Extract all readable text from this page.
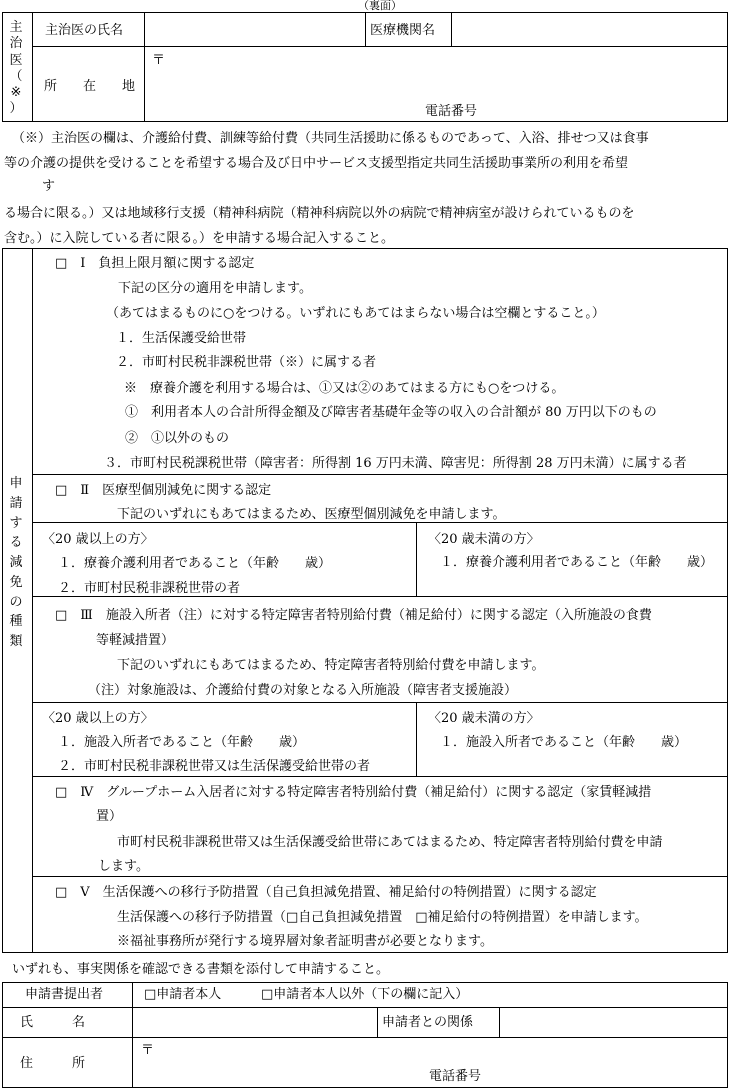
（裏面）
主
治
医
（
※
）
主治医の氏名	医療機関名
所　　在　　地
〒
電話番号
（※）主治医の欄は、介護給付費、訓練等給付費（共同生活援助に係るものであって、入浴、排せつ又は食事
等の介護の提供を受けることを希望する場合及び日中サービス支援型指定共同生活援助事業所の利用を希望
す
る場合に限る。）又は地域移行支援（精神科病院（精神科病院以外の病院で精神病室が設けられているものを
含む。）に入院している者に限る。）を申請する場合記入すること。
申
請
す
る
減
免
の
種
類
□　Ⅰ　負担上限月額に関する認定
下記の区分の適用を申請します。
（あてはまるものに○をつける。いずれにもあてはまらない場合は空欄とすること。）
１．生活保護受給世帯
２．市町村民税非課税世帯（※）に属する者
※　療養介護を利用する場合は、①又は②のあてはまる方にも○をつける。
①　利用者本人の合計所得金額及び障害者基礎年金等の収入の合計額が 80 万円以下のもの
②　①以外のもの
３．市町村民税課税世帯（障害者：所得割 16 万円未満、障害児：所得割 28 万円未満）に属する者
□　Ⅱ　医療型個別減免に関する認定
下記のいずれにもあてはまるため、医療型個別減免を申請します。
〈20 歳以上の方〉
１．療養介護利用者であること（年齢　　歳）
２．市町村民税非課税世帯の者
〈20 歳未満の方〉
１．療養介護利用者であること（年齢　　歳）
□　Ⅲ　施設入所者（注）に対する特定障害者特別給付費（補足給付）に関する認定（入所施設の食費
等軽減措置）
下記のいずれにもあてはまるため、特定障害者特別給付費を申請します。
（注）対象施設は、介護給付費の対象となる入所施設（障害者支援施設）
〈20 歳以上の方〉
１．施設入所者であること（年齢　　歳）
２．市町村民税非課税世帯又は生活保護受給世帯の者
〈20 歳未満の方〉
１．施設入所者であること（年齢　　歳）
□　Ⅳ　グループホーム入居者に対する特定障害者特別給付費（補足給付）に関する認定（家賃軽減措
置）
市町村民税非課税世帯又は生活保護受給世帯にあてはまるため、特定障害者特別給付費を申請
します。
□　Ⅴ　生活保護への移行予防措置（自己負担減免措置、補足給付の特例措置）に関する認定
生活保護への移行予防措置（□自己負担減免措置　□補足給付の特例措置）を申請します。
※福祉事務所が発行する境界層対象者証明書が必要となります。
いずれも、事実関係を確認できる書類を添付して申請すること。
申請書提出者	□申請者本人	□申請者本人以外（下の欄に記入）
氏　　　名	申請者との関係
住　　　所
〒
電話番号
